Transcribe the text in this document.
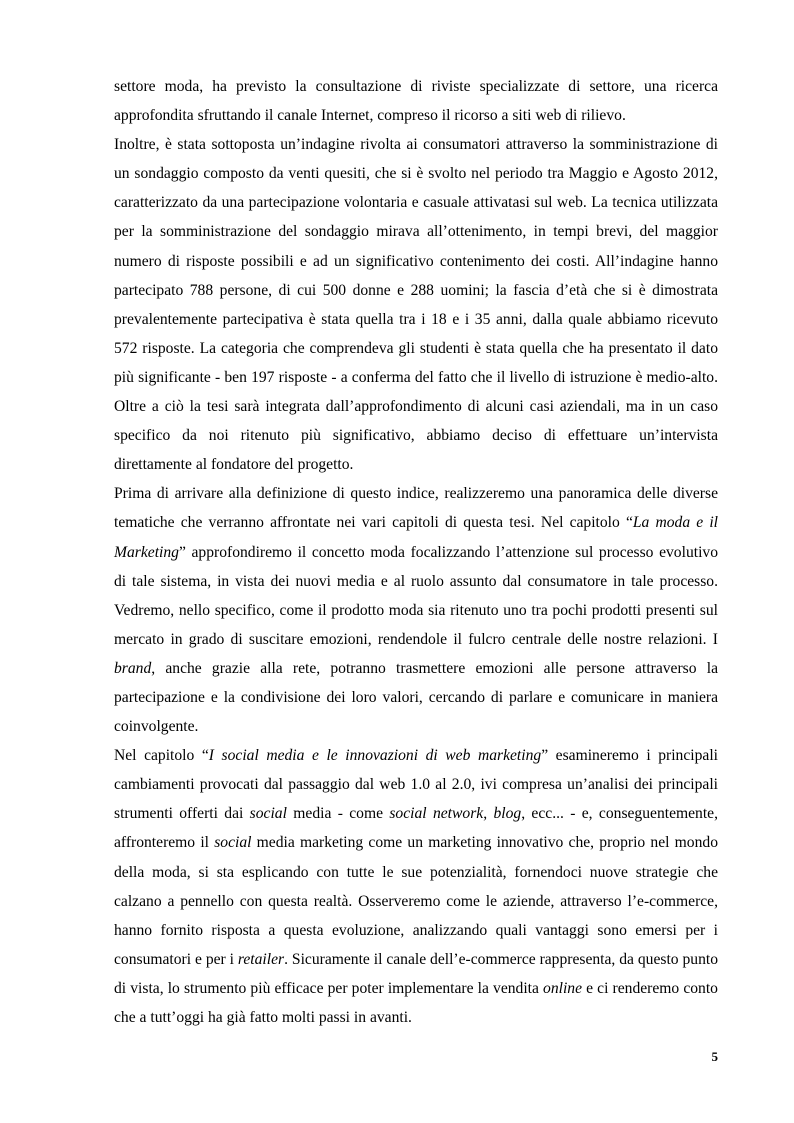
settore moda, ha previsto la consultazione di riviste specializzate di settore, una ricerca approfondita sfruttando il canale Internet, compreso il ricorso a siti web di rilievo.

Inoltre, è stata sottoposta un’indagine rivolta ai consumatori attraverso la somministrazione di un sondaggio composto da venti quesiti, che si è svolto nel periodo tra Maggio e Agosto 2012, caratterizzato da una partecipazione volontaria e casuale attivatasi sul web. La tecnica utilizzata per la somministrazione del sondaggio mirava all’ottenimento, in tempi brevi, del maggior numero di risposte possibili e ad un significativo contenimento dei costi. All’indagine hanno partecipato 788 persone, di cui 500 donne e 288 uomini; la fascia d’età che si è dimostrata prevalentemente partecipativa è stata quella tra i 18 e i 35 anni, dalla quale abbiamo ricevuto 572 risposte. La categoria che comprendeva gli studenti è stata quella che ha presentato il dato più significante - ben 197 risposte - a conferma del fatto che il livello di istruzione è medio-alto. Oltre a ciò la tesi sarà integrata dall’approfondimento di alcuni casi aziendali, ma in un caso specifico da noi ritenuto più significativo, abbiamo deciso di effettuare un’intervista direttamente al fondatore del progetto.

Prima di arrivare alla definizione di questo indice, realizzeremo una panoramica delle diverse tematiche che verranno affrontate nei vari capitoli di questa tesi. Nel capitolo “La moda e il Marketing” approfondiremo il concetto moda focalizzando l’attenzione sul processo evolutivo di tale sistema, in vista dei nuovi media e al ruolo assunto dal consumatore in tale processo. Vedremo, nello specifico, come il prodotto moda sia ritenuto uno tra pochi prodotti presenti sul mercato in grado di suscitare emozioni, rendendole il fulcro centrale delle nostre relazioni. I brand, anche grazie alla rete, potranno trasmettere emozioni alle persone attraverso la partecipazione e la condivisione dei loro valori, cercando di parlare e comunicare in maniera coinvolgente.

Nel capitolo “I social media e le innovazioni di web marketing” esamineremo i principali cambiamenti provocati dal passaggio dal web 1.0 al 2.0, ivi compresa un’analisi dei principali strumenti offerti dai social media - come social network, blog, ecc... - e, conseguentemente, affronteremo il social media marketing come un marketing innovativo che, proprio nel mondo della moda, si sta esplicando con tutte le sue potenzialità, fornendoci nuove strategie che calzano a pennello con questa realtà. Osserveremo come le aziende, attraverso l’e-commerce, hanno fornito risposta a questa evoluzione, analizzando quali vantaggi sono emersi per i consumatori e per i retailer. Sicuramente il canale dell’e-commerce rappresenta, da questo punto di vista, lo strumento più efficace per poter implementare la vendita online e ci renderemo conto che a tutt’oggi ha già fatto molti passi in avanti.

5
